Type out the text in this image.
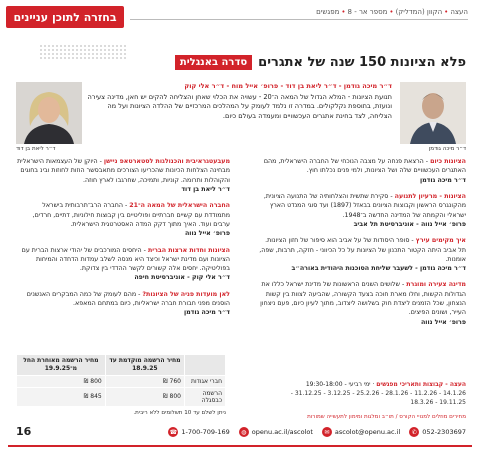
בחזרה לתוכן עניינים	העצה•הקוון (המדליק)•מספר אר - 8•מפגשים
פלא הציונות 150 שנה של אתגרים
סדרה באנגלית
ד״ר מיכה גודמן
ד״ר ליאת בן דוד
ד״ר מיכה גודמן - ד״ר ליאת בן דוד - פרופ׳ אייל מוח - ד״ר אלי קוק
תנועת הציונות - המלא הגדול של המאה ה־20 - עשויה את הכלוי שאחן והצליחה להקים יש חאן, מדינה צעירה ונועזת, בתוספת נקלקולים. במדרה זו נלמד לעומק על המהלכים המרכזיים של ההלדה הציונות ועל מה הצליחה, לצד בחינת אתגרים העכשוויים ומעמדה בעולם כיום.

הציונות כיום - הרצאת פנחה על מצבה הנוכחי של החברה הישראלית, מהם האתגרים העכשוויים שלה ושל הציונות, ולמי פנים נכלתו חוץ.
ד״ר מיכה גודמן

הציונות - מרעיון לתנועה - סקירת שתשית והצלחותיה של התנועה הציונית, מהקונגרס הראשון וקבוצות הציונים בבאזל (1897) ועד סוגי המנדט הארץ ישראלי והקמתה של המדינה החדשה ב־1948.
פרופ׳ אייל נווה - אוניברסיטת תל אביב

איך מקימים עירץ - סופר היסודות של על אביב הוא סיפור של חזון הציונות. תל אביב היתה הקטור התכנון של הציונות על כל הכיווני - חזקה, תרבות, שפה, אומנות.
ד״ר מיכה גודמן - לשעבר שליחת הסוכנות היהודית באורה״ב

מדינה צעירה ומוגרת - שלושים השנים הראשונות של מדינת ישראל כללו את הגדולות הקשות, וחלו מארת חוכה בצעד הקשורה, שהביעה לצוות בין קשות הנצחון, שכל הזמנים ליצדת חוק בשלושה ליצדוב, מתוך לעיון כיום, פעם ניצחון העייר, ושונים הפיצים.
פרופ׳ אייל נווה

מעבעטגראיבית והכנולגות לסטארטאפ ניישן - היוקן של העצמאות הישראלית מבחינה הצלחות הכיונות שהכריעו הצורכים מתאבסשר הוזות לחוזות ובינ בחוגים והקוהלות ותרומה. קוניות, ותמיכה, שחרגבו לארץ חוזה.
ד״ר ליאת בן דוד

החברה הישראלית של המאה ה־21 - החברה הרב־תרבותית בישראל מתמודדת עם קשיים חברתיים ופוליטיים בין קבוצות חילוניות, דתיים, חרדים, ערבים ועוד. האיך מתוך דקק המדה האסטרטגית הישראלית.
פרופ׳ אייל נווה

הציונות וחדות ארצות הברית - היחסים המורכבים של יהודי ארצות הברית עם הציונות ועם מדינת ישראל וכיצד היא מנסה לשלב עמדות הדחדה והמיחות בפוליטיקה. יחסים אלה קשורים לקשר ההדדי בין צדוקת.
ד״ר אלי קוק - אוניברסיטת חיפה

לאן מועדות פניה של הציונות? - מהם לעומק של כמה המבקרים האנשנים הוסנים מפני חבורת חברה ישראליות, כיום במתחם המאפא.
ד״ר מיכה גודמן

העצה - קבוצות ותאריכי מפגשים · ימי רביעי - 19:30-18:00
14.1.26 - 11.2.26 - 28.1.26 - 25.2.26 - 3.12.25 - 31.12.25 - 19.11.25 - 18.3.26
	מחיר הרשמה מוקדמת עד 18.9.25	מחיר הרשמה מאוחרת החל מ־19.9.25
חברי אגודות	760 ₪	800 ₪
הרשמה כבסגלה	800 ₪	845 ₪
ניתן לשלם עד 10 תשלומים ללא ריבית.
מחירים מוזלים למנויי הקורס / תו״ב ומלגות ומימון לתעשייה שמורות
☎ 1-700-709-169	◍ openu.ac.il/ascolot	✉ ascolot@openu.ac.il	✆ 052-2303697
16
